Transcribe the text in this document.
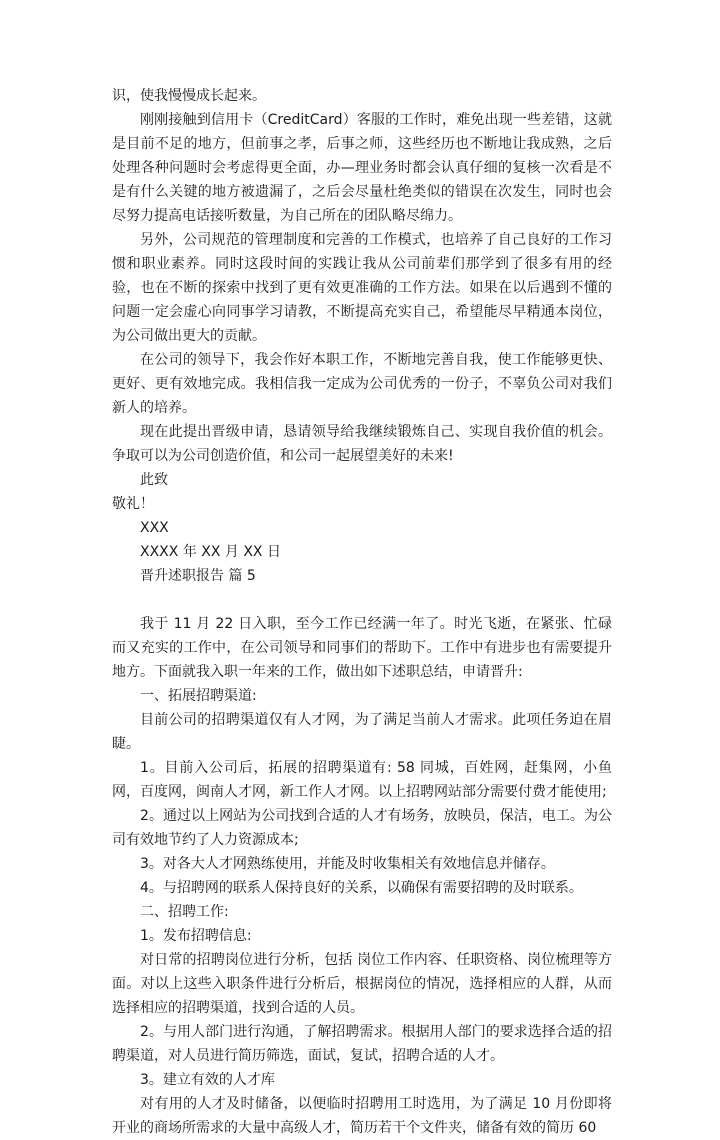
识，使我慢慢成长起来。

刚刚接触到信用卡（CreditCard）客服的工作时，难免出现一些差错，这就是目前不足的地方，但前事之孝，后事之师，这些经历也不断地让我成熟，之后处理各种问题时会考虑得更全面，办—理业务时都会认真仔细的复核一次看是不是有什么关键的地方被遗漏了，之后会尽量杜绝类似的错误在次发生，同时也会尽努力提高电话接听数量，为自己所在的团队略尽绵力。

另外，公司规范的管理制度和完善的工作模式，也培养了自己良好的工作习惯和职业素养。同时这段时间的实践让我从公司前辈们那学到了很多有用的经验，也在不断的探索中找到了更有效更准确的工作方法。如果在以后遇到不懂的问题一定会虚心向同事学习请教，不断提高充实自己，希望能尽早精通本岗位，为公司做出更大的贡献。

在公司的领导下，我会作好本职工作，不断地完善自我，使工作能够更快、更好、更有效地完成。我相信我一定成为公司优秀的一份子，不辜负公司对我们新人的培养。

现在此提出晋级申请，恳请领导给我继续锻炼自己、实现自我价值的机会。争取可以为公司创造价值，和公司一起展望美好的未来!

此致

敬礼！

XXX

XXXX 年 XX 月 XX 日

晋升述职报告 篇 5

我于 11 月 22 日入职，至今工作已经满一年了。时光飞逝，在紧张、忙碌而又充实的工作中，在公司领导和同事们的帮助下。工作中有进步也有需要提升地方。下面就我入职一年来的工作，做出如下述职总结，申请晋升:

一、拓展招聘渠道:

目前公司的招聘渠道仅有人才网，为了满足当前人才需求。此项任务迫在眉睫。

1。目前入公司后，拓展的招聘渠道有: 58 同城，百姓网，赶集网，小鱼网，百度网，闽南人才网，新工作人才网。以上招聘网站部分需要付费才能使用;

2。通过以上网站为公司找到合适的人才有场务，放映员，保洁，电工。为公司有效地节约了人力资源成本;

3。对各大人才网熟练使用，并能及时收集相关有效地信息并储存。

4。与招聘网的联系人保持良好的关系，以确保有需要招聘的及时联系。

二、招聘工作:

1。发布招聘信息:

对日常的招聘岗位进行分析，包括 岗位工作内容、任职资格、岗位梳理等方面。对以上这些入职条件进行分析后，根据岗位的情况，选择相应的人群，从而选择相应的招聘渠道，找到合适的人员。

2。与用人部门进行沟通，了解招聘需求。根据用人部门的要求选择合适的招聘渠道，对人员进行简历筛选，面试，复试，招聘合适的人才。

3。建立有效的人才库

对有用的人才及时储备，以便临时招聘用工时选用，为了满足 10 月份即将开业的商场所需求的大量中高级人才，简历若干个文件夹，储备有效的简历 60
